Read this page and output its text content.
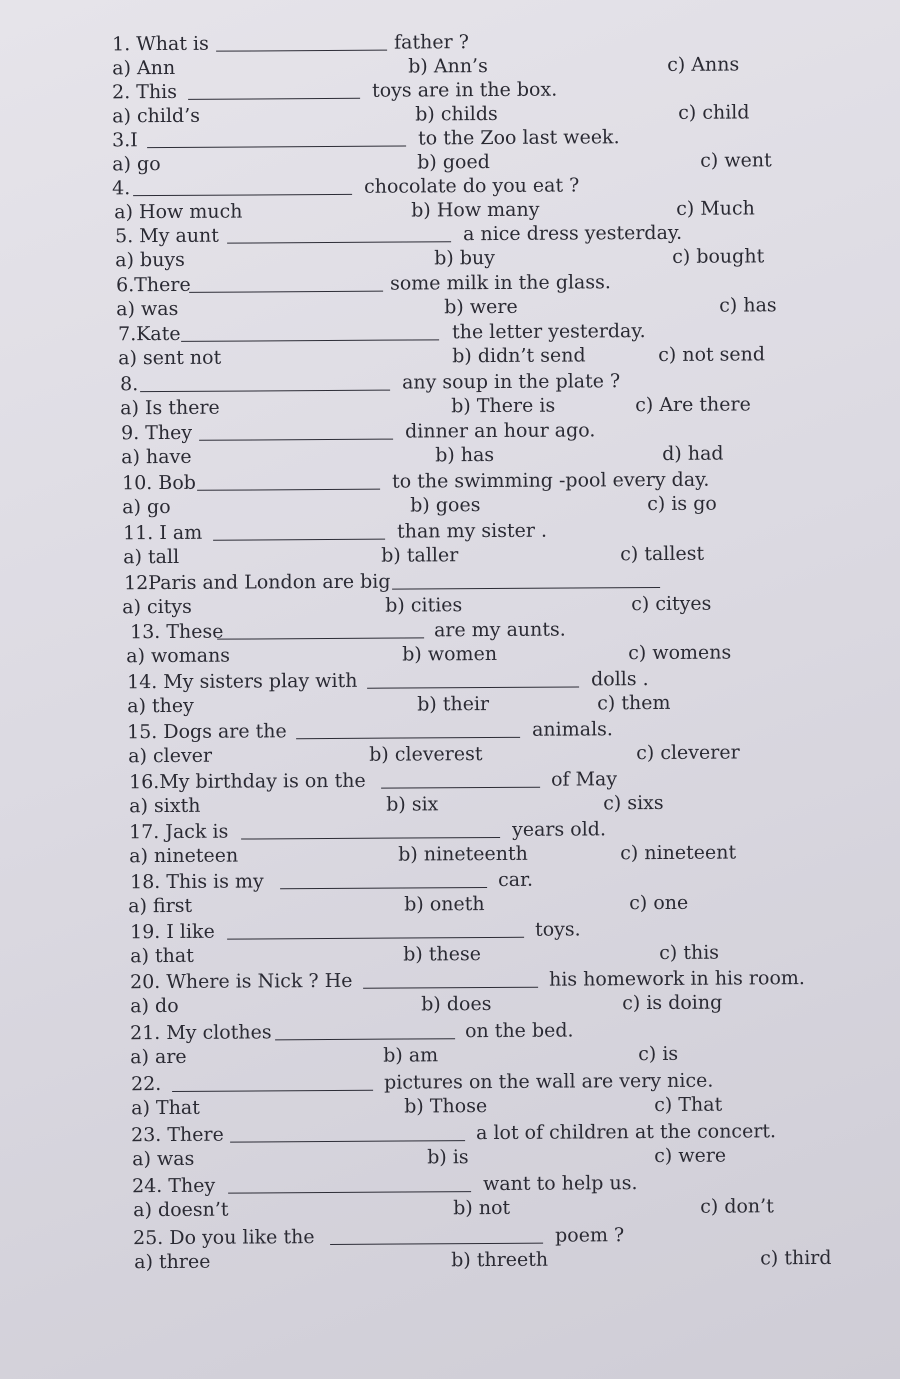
1. What is	father ?
a) Ann	b) Ann’s	c) Anns
2. This	toys are in the box.
a) child’s	b) childs	c) child
3.I	to the Zoo last week.
a) go	b) goed	c) went
4.	chocolate do you eat ?
a) How much	b) How many	c) Much
5. My aunt	a nice dress yesterday.
a) buys	b) buy	c) bought
6.There	some milk in the glass.
a) was	b) were	c) has
7.Kate	the letter yesterday.
a) sent not	b) didn’t send	c) not send
8.	any soup in the plate ?
a) Is there	b) There is	c) Are there
9. They	dinner an hour ago.
a) have	b) has	d) had
10. Bob	to the swimming -pool every day.
a) go	b) goes	c) is go
11. I am	than my sister .
a) tall	b) taller	c) tallest
12Paris and London are big
a) citys	b) cities	c) cityes
13. These	are my aunts.
a) womans	b) women	c) womens
14. My sisters play with	dolls .
a) they	b) their	c) them
15. Dogs are the	animals.
a) clever	b) cleverest	c) cleverer
16.My birthday is on the	of May
a) sixth	b) six	c) sixs
17. Jack is	years old.
a) nineteen	b) nineteenth	c) nineteent
18. This is my	car.
a) first	b) oneth	c) one
19. I like	toys.
a) that	b) these	c) this
20. Where is Nick ? He	his homework in his room.
a) do	b) does	c) is doing
21. My clothes	on the bed.
a) are	b) am	c) is
22.	pictures on the wall are very nice.
a) That	b) Those	c) That
23. There	a lot of children at the concert.
a) was	b) is	c) were
24. They	want to help us.
a) doesn’t	b) not	c) don’t
25. Do you like the	poem ?
a) three	b) threeth	c) third
